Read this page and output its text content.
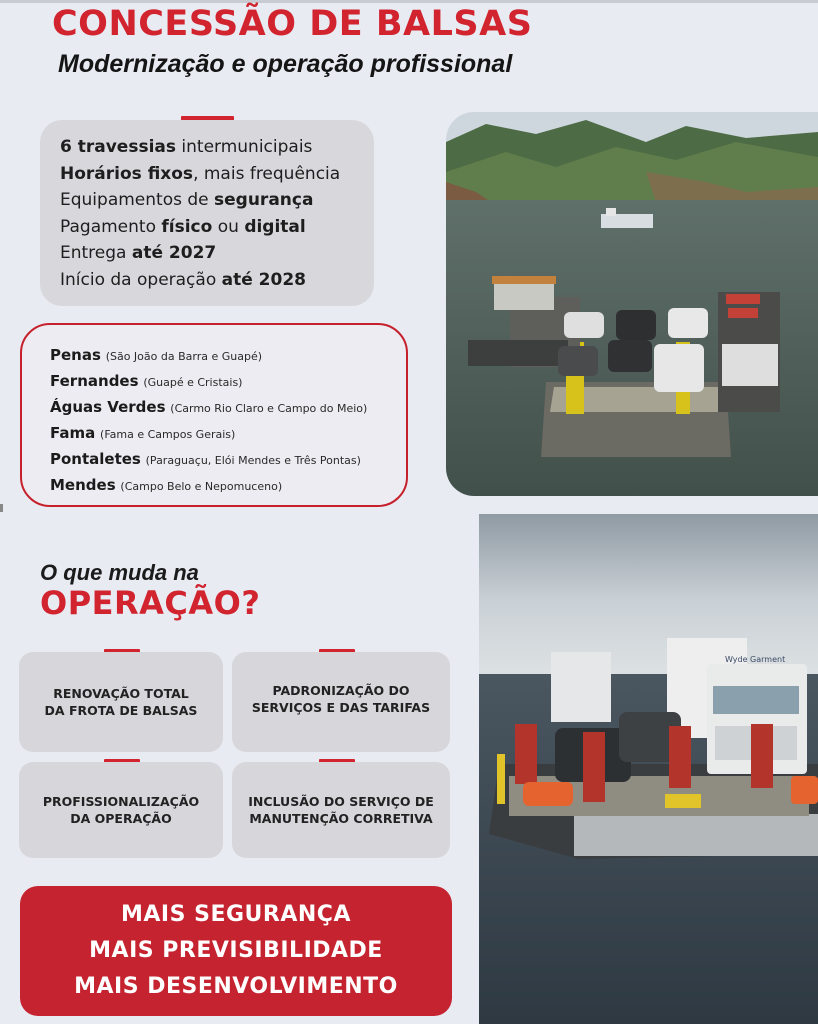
CONCESSÃO DE BALSAS
Modernização e operação profissional
6 travessias intermunicipais
Horários fixos, mais frequência
Equipamentos de segurança
Pagamento físico ou digital
Entrega até 2027
Início da operação até 2028
Penas (São João da Barra e Guapé)
Fernandes (Guapé e Cristais)
Águas Verdes (Carmo Rio Claro e Campo do Meio)
Fama (Fama e Campos Gerais)
Pontaletes (Paraguaçu, Elói Mendes e Três Pontas)
Mendes (Campo Belo e Nepomuceno)
O que muda na
OPERAÇÃO?
RENOVAÇÃO TOTAL
DA FROTA DE BALSAS
PADRONIZAÇÃO DO
SERVIÇOS E DAS TARIFAS
PROFISSIONALIZAÇÃO
DA OPERAÇÃO
INCLUSÃO DO SERVIÇO DE
MANUTENÇÃO CORRETIVA
MAIS SEGURANÇA
MAIS PREVISIBILIDADE
MAIS DESENVOLVIMENTO
Wyde Garment
